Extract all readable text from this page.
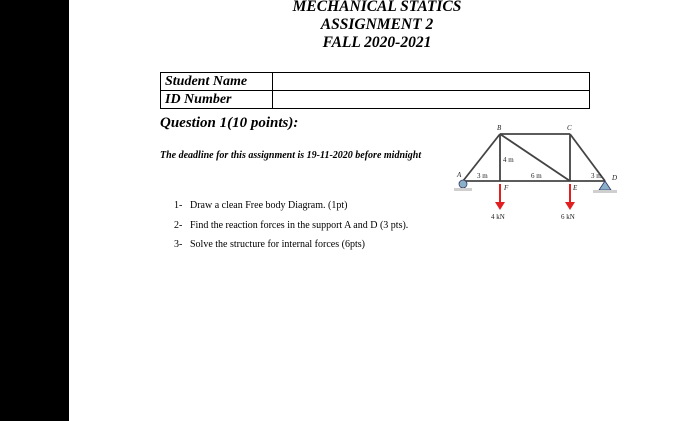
MECHANICAL STATICS
ASSIGNMENT 2
FALL 2020-2021
Student Name	
ID Number	
Question 1(10 points):
The deadline for this assignment is 19-11-2020 before midnight
1- Draw a clean Free body Diagram. (1pt)
2- Find the reaction forces in the support A and D (3 pts).
3- Solve the structure for internal forces (6pts)
B	C
A	D
F	E
3 m
4 m
6 m	3 m
4 kN	6 kN
